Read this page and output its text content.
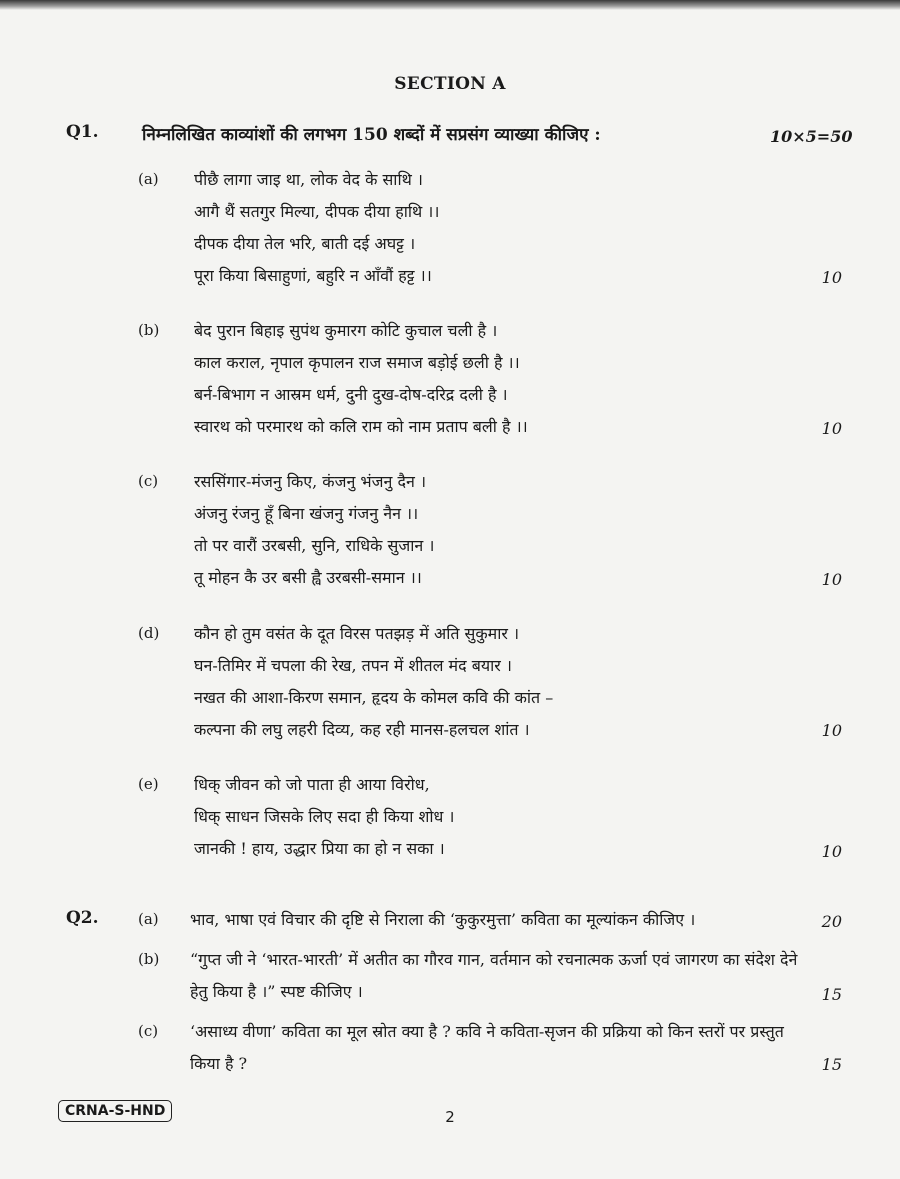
SECTION A
Q1.	निम्नलिखित काव्यांशों की लगभग 150 शब्दों में सप्रसंग व्याख्या कीजिए :	10×5=50
(a) पीछै लागा जाइ था, लोक वेद के साथि ।
आगै थैं सतगुर मिल्या, दीपक दीया हाथि ।।
दीपक दीया तेल भरि, बाती दई अघट्ट ।
पूरा किया बिसाहुणां, बहुरि न आँवौं हट्ट ।।	10
(b) बेद पुरान बिहाइ सुपंथ कुमारग कोटि कुचाल चली है ।
काल कराल, नृपाल कृपालन राज समाज बड़ोई छली है ।।
बर्न-बिभाग न आस्रम धर्म, दुनी दुख-दोष-दरिद्र दली है ।
स्वारथ को परमारथ को कलि राम को नाम प्रताप बली है ।।	10
(c) रससिंगार-मंजनु किए, कंजनु भंजनु दैन ।
अंजनु रंजनु हूँ बिना खंजनु गंजनु नैन ।।
तो पर वारौं उरबसी, सुनि, राधिके सुजान ।
तू मोहन कै उर बसी ह्वै उरबसी-समान ।।	10
(d) कौन हो तुम वसंत के दूत विरस पतझड़ में अति सुकुमार ।
घन-तिमिर में चपला की रेख, तपन में शीतल मंद बयार ।
नखत की आशा-किरण समान, हृदय के कोमल कवि की कांत –
कल्पना की लघु लहरी दिव्य, कह रही मानस-हलचल शांत ।	10
(e) धिक् जीवन को जो पाता ही आया विरोध,
धिक् साधन जिसके लिए सदा ही किया शोध ।
जानकी ! हाय, उद्धार प्रिया का हो न सका ।	10
Q2.	(a) भाव, भाषा एवं विचार की दृष्टि से निराला की ‘कुकुरमुत्ता’ कविता का मूल्यांकन कीजिए ।	20
(b) “गुप्त जी ने ‘भारत-भारती’ में अतीत का गौरव गान, वर्तमान को रचनात्मक ऊर्जा एवं जागरण का संदेश देने हेतु किया है ।” स्पष्ट कीजिए ।	15
(c) ‘असाध्य वीणा’ कविता का मूल स्रोत क्या है ? कवि ने कविता-सृजन की प्रक्रिया को किन स्तरों पर प्रस्तुत किया है ?	15
CRNA-S-HND	2
